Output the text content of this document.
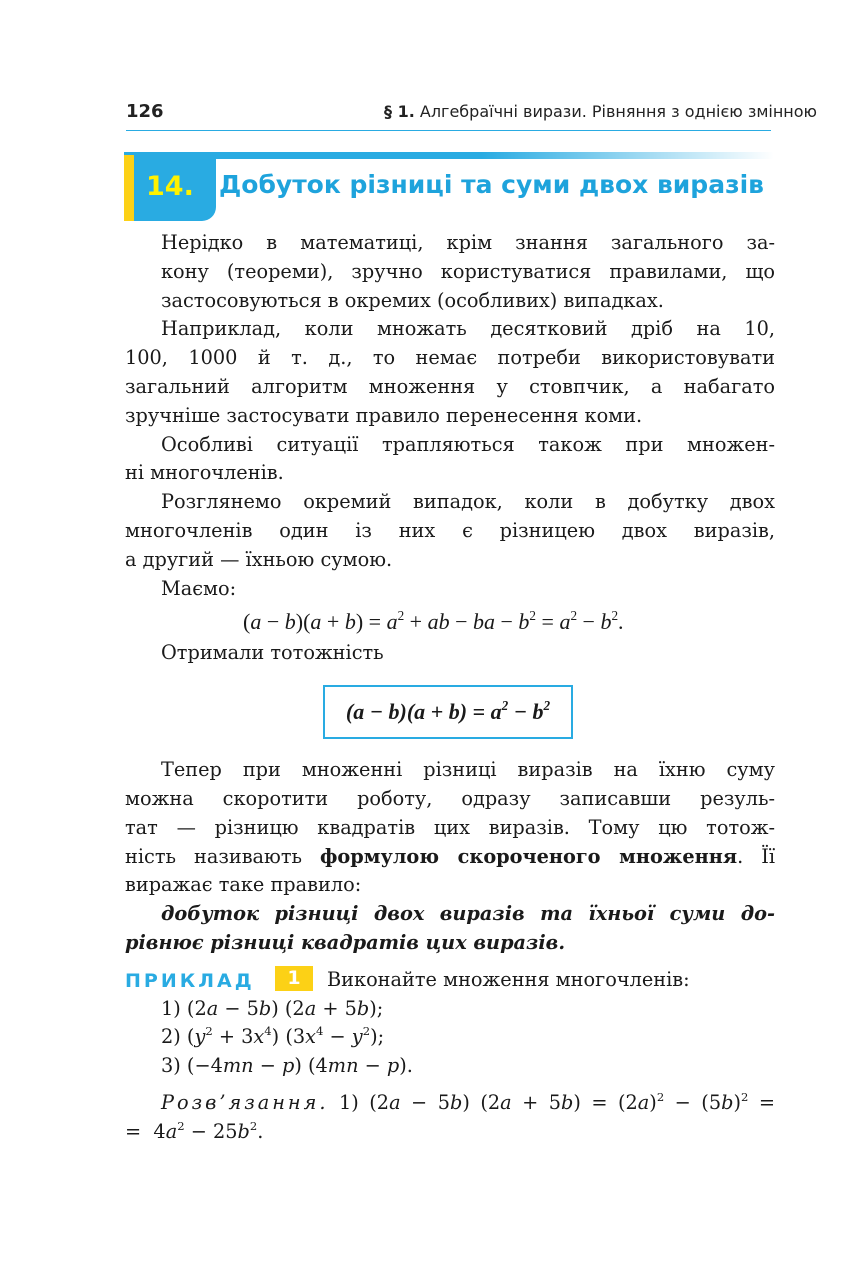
126	§ 1. Алгебраїчні вирази. Рівняння з однією змінною
14. Добуток різниці та суми двох виразів

Нерідко в математиці, крім знання загального за-
кону (теореми), зручно користуватися правилами, що
застосовуються в окремих (особливих) випадках.

Наприклад, коли множать десятковий дріб на 10,
100, 1000 й т. д., то немає потреби використовувати
загальний алгоритм множення у стовпчик, а набагато
зручніше застосувати правило перенесення коми.

Особливі ситуації трапляються також при множен-
ні многочленів.

Розглянемо окремий випадок, коли в добутку двох
многочленів один із них є різницею двох виразів,
а другий — їхньою сумою.

Маємо:

$(a - b)(a + b) = a^2$ + ab − ba − $b^2 = a^2 - b^2$.

Отримали тотожність

$(a - b)(a + b) = a^2 - b^2$

Тепер при множенні різниці виразів на їхню суму
можна скоротити роботу, одразу записавши резуль-
тат — різницю квадратів цих виразів. Тому цю тотож-
ність називають формулою скороченого множення. Її
виражає таке правило:

добуток різниці двох виразів та їхньої суми до-
рівнює різниці квадратів цих виразів.

ПРИКЛАД	1	Виконайте множення многочленів:
1) (2a − 5b) (2a + 5b);
2) $(y^2 + 3x^4) (3x^4 - y^2)$;
3) (−4mn − p) (4mn − p).
Розв’язання. 1) (2a − 5b) $(2a + 5b) = (2a)^2 - (5b)^2$ =
=  $4a^2 - 25b^2$.
